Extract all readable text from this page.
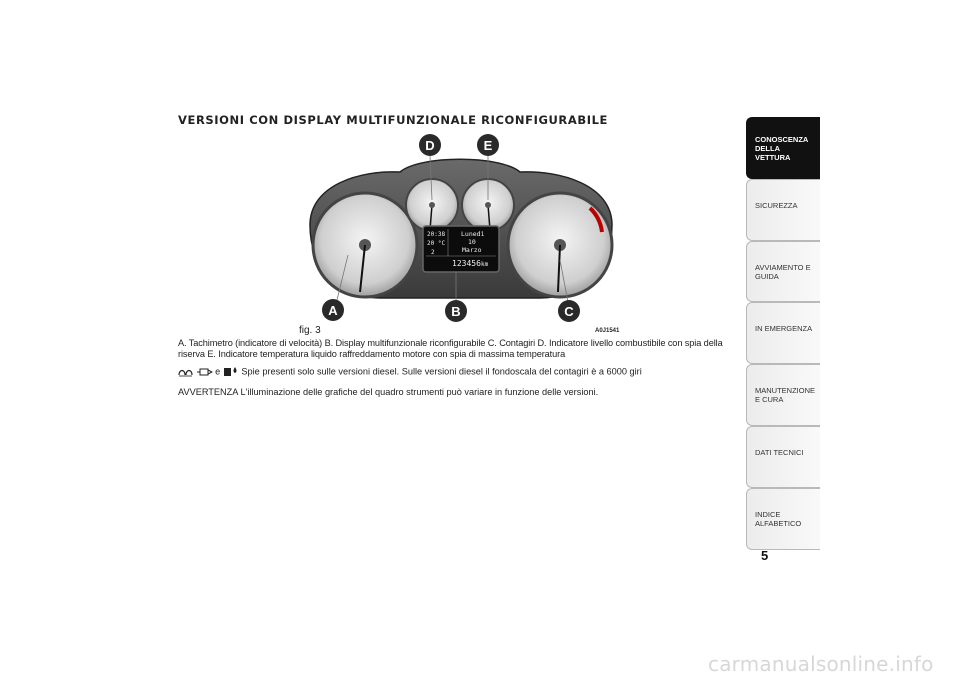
VERSIONI CON DISPLAY MULTIFUNZIONALE RICONFIGURABILE
20:38
20 °C
2
Lunedì
10
Marzo
123456 km
A	B	C
D	E
fig. 3	A0J1541
A. Tachimetro (indicatore di velocità) B. Display multifunzionale riconfigurabile C. Contagiri D. Indicatore livello combustibile con spia della riserva E. Indicatore temperatura liquido raffreddamento motore con spia di massima temperatura
e Spie presenti solo sulle versioni diesel. Sulle versioni diesel il fondoscala del contagiri è a 6000 giri
AVVERTENZA L'illuminazione delle grafiche del quadro strumenti può variare in funzione delle versioni.
CONOSCENZA DELLA VETTURA
SICUREZZA
AVVIAMENTO E GUIDA
IN EMERGENZA
MANUTENZIONE E CURA
DATI TECNICI
INDICE ALFABETICO
5
carmanualsonline.info
